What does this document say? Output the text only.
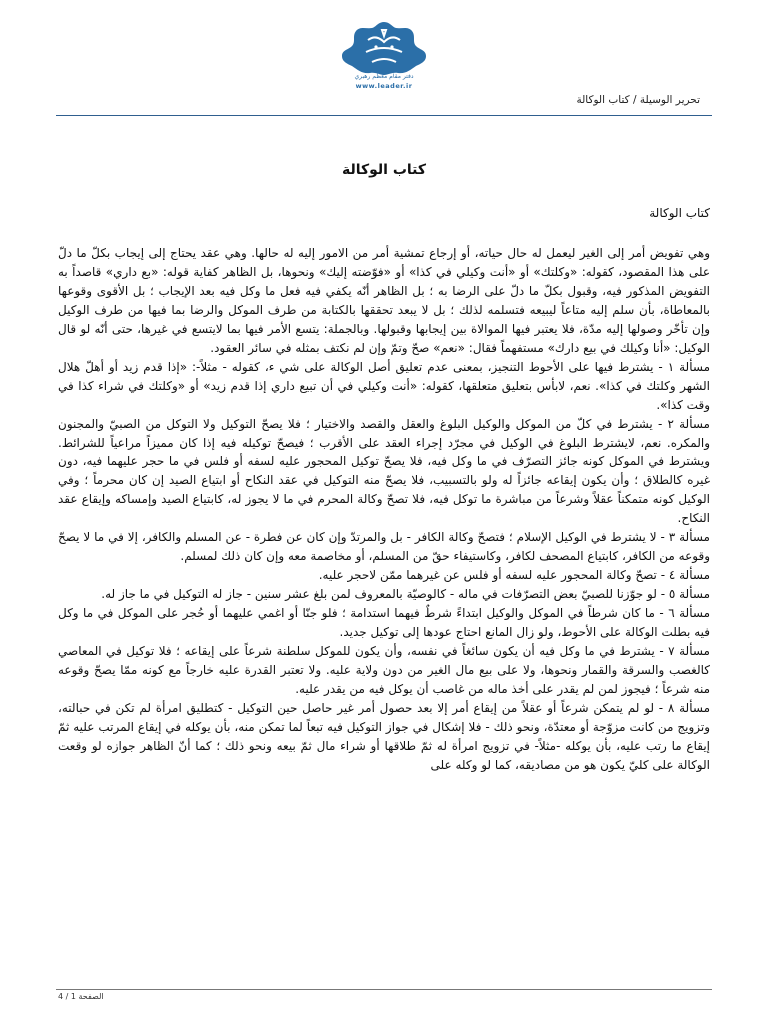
دفتر مقام معظم رهبري
www.leader.ir
تحرير الوسيلة / كتاب الوكالة
كتاب الوكالة
كتاب الوكالة

وهي تفويض أمر إلى الغير ليعمل له حال حياته، أو إرجاع تمشية أمر من الامور إليه له حالها. وهي عقد يحتاج إلى إيجاب بكلّ ما دلّ على هذا المقصود، كقوله: «وكلتك» أو «أنت وكيلي في كذا» أو «فوّضته إليك» ونحوها، بل الظاهر كفاية قوله: «بع داري» قاصداً به التفويض المذكور فيه، وقبول بكلّ ما دلّ على الرضا به ؛ بل الظاهر أنّه يكفي فيه فعل ما وكل فيه بعد الإيجاب ؛ بل الأقوى وقوعها بالمعاطاة، بأن سلم إليه متاعاً ليبيعه فتسلمه لذلك ؛ بل لا يبعد تحققها بالكتابة من طرف الموكل والرضا بما فيها من طرف الوكيل وإن تأخّر وصولها إليه مدّة، فلا يعتبر فيها الموالاة بين إيجابها وقبولها. وبالجملة: يتسع الأمر فيها بما لايتسع في غيرها، حتى أنّه لو قال الوكيل: «أنا وكيلك في بيع دارك» مستفهماً فقال: «نعم» صحّ وتمّ وإن لم نكتف بمثله في سائر العقود.

مسألة ١ - يشترط فيها على الأحوط التنجيز، بمعنى عدم تعليق أصل الوكالة على شي ء، كقوله - مثلاً-: «إذا قدم زيد أو أهلّ هلال الشهر وكلتك في كذا». نعم، لابأس بتعليق متعلقها، كقوله: «أنت وكيلي في أن تبيع داري إذا قدم زيد» أو «وكلتك في شراء كذا في وقت كذا».

مسألة ٢ - يشترط في كلّ من الموكل والوكيل البلوغ والعقل والقصد والاختيار ؛ فلا يصحّ التوكيل ولا التوكل من الصبيّ والمجنون والمكره. نعم، لايشترط البلوغ في الوكيل في مجرّد إجراء العقد على الأقرب ؛ فيصحّ توكيله فيه إذا كان مميزاً مراعياً للشرائط. ويشترط في الموكل كونه جائز التصرّف في ما وكل فيه، فلا يصحّ توكيل المحجور عليه لسفه أو فلس في ما حجر عليهما فيه، دون غيره كالطلاق ؛ وأن يكون إيقاعه جائزاً له ولو بالتسبيب، فلا يصحّ منه التوكيل في عقد النكاح أو ابتياع الصيد إن كان محرماً ؛ وفي الوكيل كونه متمكناً عقلاً وشرعاً من مباشرة ما توكل فيه، فلا تصحّ وكالة المحرم في ما لا يجوز له، كابتياع الصيد وإمساكه وإيقاع عقد النكاح.

مسألة ٣ - لا يشترط في الوكيل الإسلام ؛ فتصحّ وكالة الكافر - بل والمرتدّ وإن كان عن فطرة - عن المسلم والكافر، إلا في ما لا يصحّ وقوعه من الكافر، كابتياع المصحف لكافر، وكاستيفاء حقّ من المسلم، أو مخاصمة معه وإن كان ذلك لمسلم.

مسألة ٤ - تصحّ وكالة المحجور عليه لسفه أو فلس عن غيرهما ممّن لاحجر عليه.

مسألة ٥ - لو جوّزنا للصبيّ بعض التصرّفات في ماله - كالوصيّة بالمعروف لمن بلغ عشر سنين - جاز له التوكيل في ما جاز له.

مسألة ٦ - ما كان شرطاً في الموكل والوكيل ابتداءً شرطٌ فيهما استدامة ؛ فلو جنّا أو اغمي عليهما أو حُجر على الموكل في ما وكل فيه بطلت الوكالة على الأحوط، ولو زال المانع احتاج عودها إلى توكيل جديد.

مسألة ٧ - يشترط في ما وكل فيه أن يكون سائغاً في نفسه، وأن يكون للموكل سلطنة شرعاً على إيقاعه ؛ فلا توكيل في المعاصي كالغصب والسرقة والقمار ونحوها، ولا على بيع مال الغير من دون ولاية عليه. ولا تعتبر القدرة عليه خارجاً مع كونه ممّا يصحّ وقوعه منه شرعاً ؛ فيجوز لمن لم يقدر على أخذ ماله من غاصب أن يوكل فيه من يقدر عليه.

مسألة ٨ - لو لم يتمكن شرعاً أو عقلاً من إيقاع أمر إلا بعد حصول أمر غير حاصل حين التوكيل - كتطليق امرأة لم تكن في حبالته، وتزويج من كانت مزوّجة أو معتدّة، ونحو ذلك - فلا إشكال في جواز التوكيل فيه تبعاً لما تمكن منه، بأن يوكله في إيقاع المرتب عليه ثمّ إيقاع ما رتب عليه، بأن يوكله -مثلاً- في تزويج امرأة له ثمّ طلاقها أو شراء مال ثمّ بيعه ونحو ذلك ؛ كما أنّ الظاهر جوازه لو وقعت الوكالة على كليّ يكون هو من مصاديقه، كما لو وكله على

الصفحة 1 / 4
